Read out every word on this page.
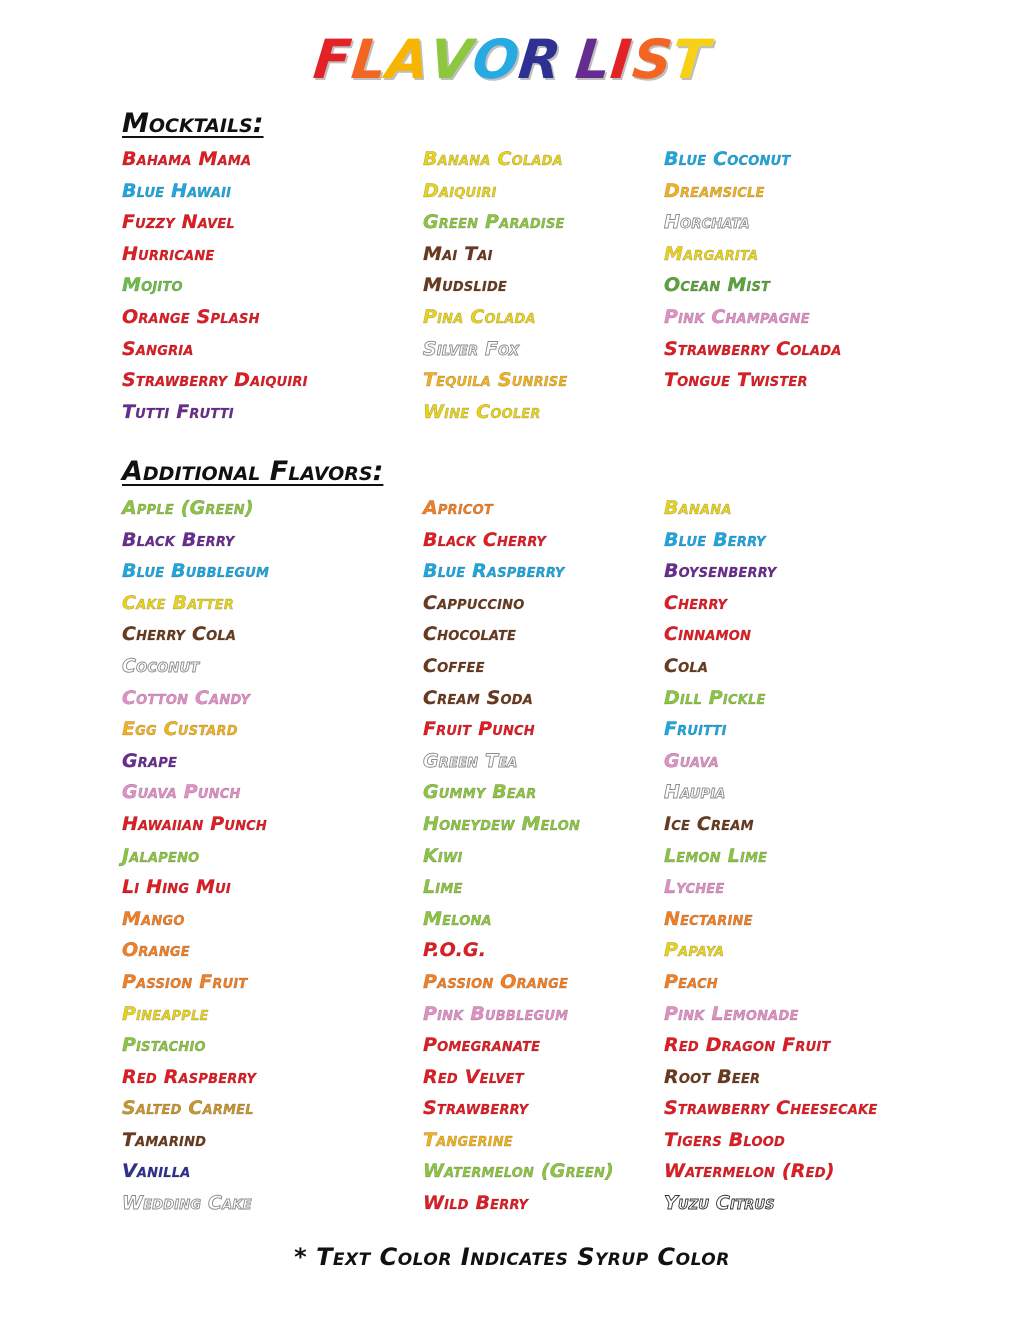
FLAVOR LIST
Mocktails:
Bahama Mama
Blue Hawaii
Fuzzy Navel
Hurricane
Mojito
Orange Splash
Sangria
Strawberry Daiquiri
Tutti Frutti
Banana Colada
Daiquiri
Green Paradise
Mai Tai
Mudslide
Pina Colada
Silver Fox
Tequila Sunrise
Wine Cooler
Blue Coconut
Dreamsicle
Horchata
Margarita
Ocean Mist
Pink Champagne
Strawberry Colada
Tongue Twister
Additional Flavors:
Apple (Green)
Black Berry
Blue Bubblegum
Cake Batter
Cherry Cola
Coconut
Cotton Candy
Egg Custard
Grape
Guava Punch
Hawaiian Punch
Jalapeno
Li Hing Mui
Mango
Orange
Passion Fruit
Pineapple
Pistachio
Red Raspberry
Salted Carmel
Tamarind
Vanilla
Wedding Cake
Apricot
Black Cherry
Blue Raspberry
Cappuccino
Chocolate
Coffee
Cream Soda
Fruit Punch
Green Tea
Gummy Bear
Honeydew Melon
Kiwi
Lime
Melona
P.O.G.
Passion Orange
Pink Bubblegum
Pomegranate
Red Velvet
Strawberry
Tangerine
Watermelon (Green)
Wild Berry
Banana
Blue Berry
Boysenberry
Cherry
Cinnamon
Cola
Dill Pickle
Fruitti
Guava
Haupia
Ice Cream
Lemon Lime
Lychee
Nectarine
Papaya
Peach
Pink Lemonade
Red Dragon Fruit
Root Beer
Strawberry Cheesecake
Tigers Blood
Watermelon (Red)
Yuzu Citrus
* Text Color Indicates Syrup Color
